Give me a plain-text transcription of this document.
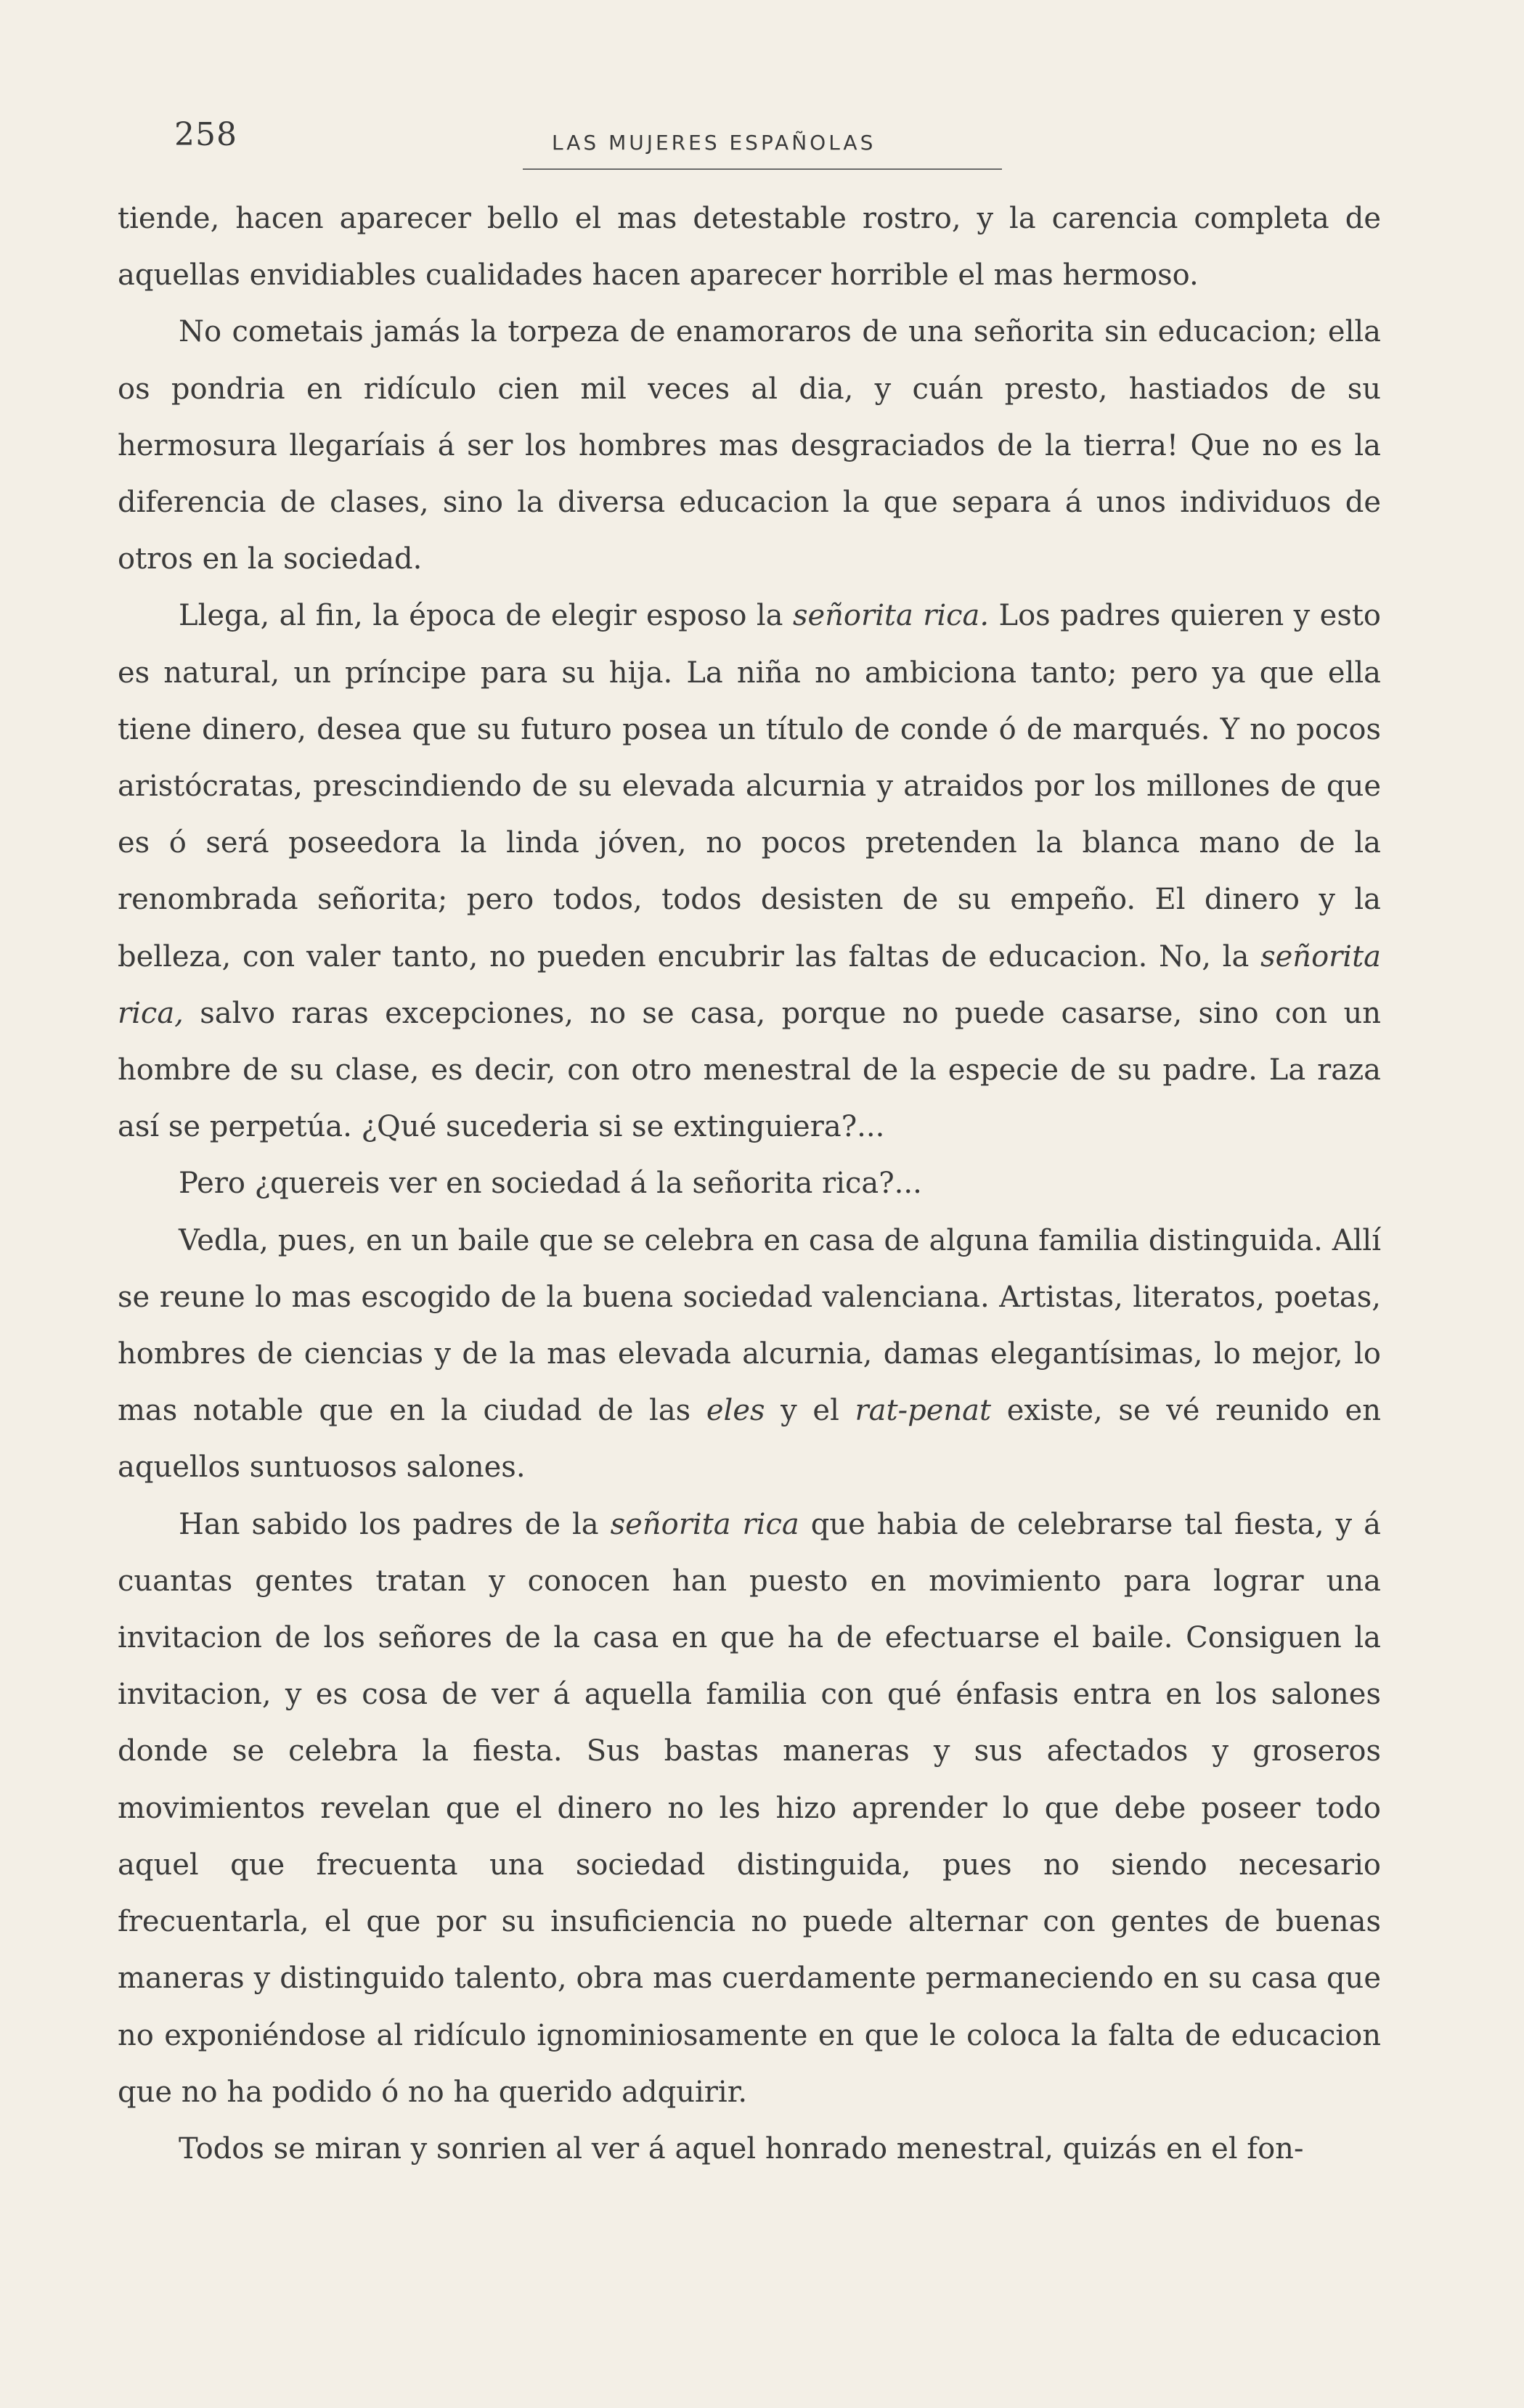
258	LAS MUJERES ESPAÑOLAS

tiende, hacen aparecer bello el mas detestable rostro, y la carencia completa de aquellas envidiables cualidades hacen aparecer horrible el mas hermoso.

No cometais jamás la torpeza de enamoraros de una señorita sin educacion; ella os pondria en ridículo cien mil veces al dia, y cuán presto, hastiados de su hermosura llegaríais á ser los hombres mas desgraciados de la tierra! Que no es la diferencia de clases, sino la diversa educacion la que separa á unos individuos de otros en la sociedad.

Llega, al fin, la época de elegir esposo la señorita rica. Los padres quieren y esto es natural, un príncipe para su hija. La niña no ambiciona tanto; pero ya que ella tiene dinero, desea que su futuro posea un título de conde ó de marqués. Y no pocos aristócratas, prescindiendo de su elevada alcurnia y atraidos por los millones de que es ó será poseedora la linda jóven, no pocos pretenden la blanca mano de la renombrada señorita; pero todos, todos desisten de su empeño. El dinero y la belleza, con valer tanto, no pueden encubrir las faltas de educacion. No, la señorita rica, salvo raras excepciones, no se casa, porque no puede casarse, sino con un hombre de su clase, es decir, con otro menestral de la especie de su padre. La raza así se perpetúa. ¿Qué sucederia si se extinguiera?...

Pero ¿quereis ver en sociedad á la señorita rica?...

Vedla, pues, en un baile que se celebra en casa de alguna familia distinguida. Allí se reune lo mas escogido de la buena sociedad valenciana. Artistas, literatos, poetas, hombres de ciencias y de la mas elevada alcurnia, damas elegantísimas, lo mejor, lo mas notable que en la ciudad de las eles y el rat-penat existe, se vé reunido en aquellos suntuosos salones.

Han sabido los padres de la señorita rica que habia de celebrarse tal fiesta, y á cuantas gentes tratan y conocen han puesto en movimiento para lograr una invitacion de los señores de la casa en que ha de efectuarse el baile. Consiguen la invitacion, y es cosa de ver á aquella familia con qué énfasis entra en los salones donde se celebra la fiesta. Sus bastas maneras y sus afectados y groseros movimientos revelan que el dinero no les hizo aprender lo que debe poseer todo aquel que frecuenta una sociedad distinguida, pues no siendo necesario frecuentarla, el que por su insuficiencia no puede alternar con gentes de buenas maneras y distinguido talento, obra mas cuerdamente permaneciendo en su casa que no exponiéndose al ridículo ignominiosamente en que le coloca la falta de educacion que no ha podido ó no ha querido adquirir.

Todos se miran y sonrien al ver á aquel honrado menestral, quizás en el fon-
